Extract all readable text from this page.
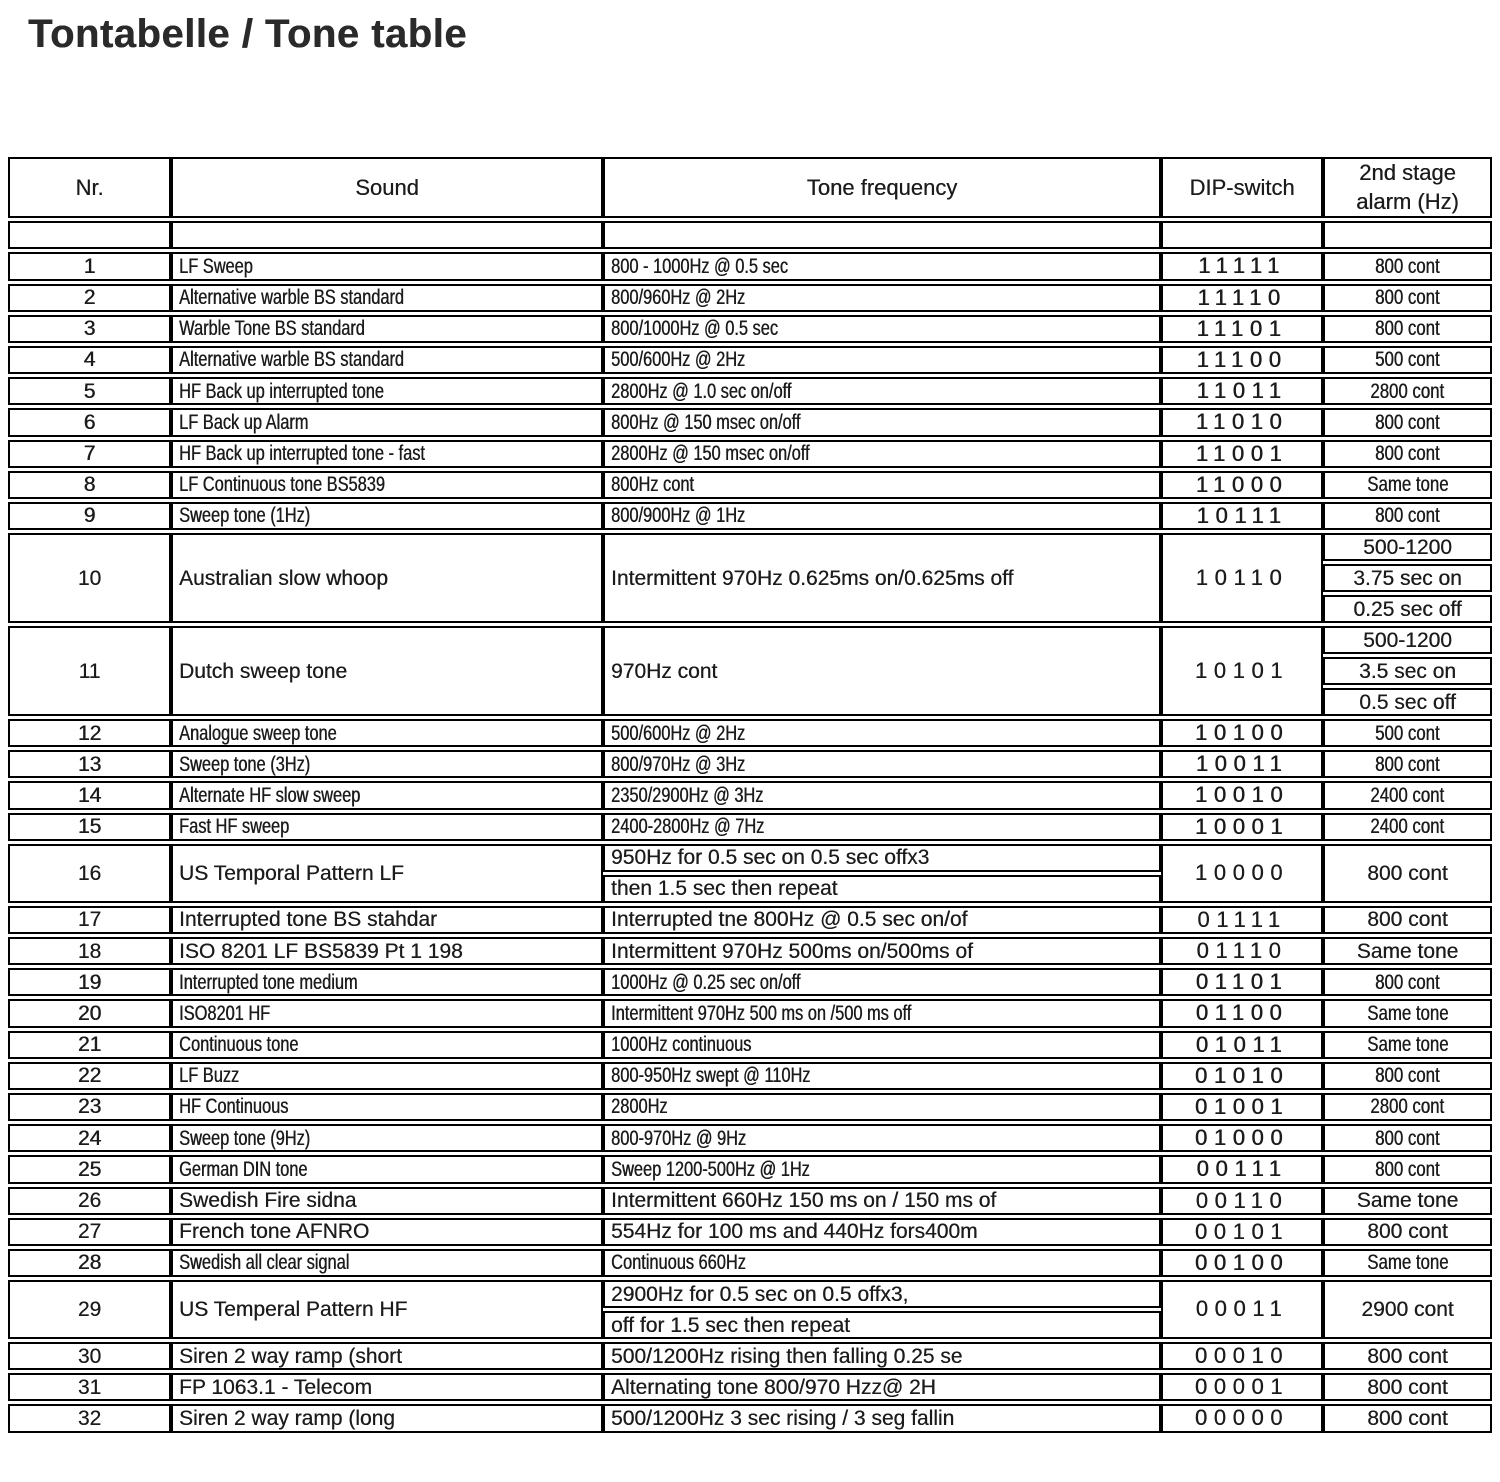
Tontabelle / Tone table
Nr.	Sound	Tone frequency	DIP-switch	2nd stage
alarm (Hz)

1	LF Sweep	800 - 1000Hz @ 0.5 sec	11111	800 cont
2	Alternative warble BS standard	800/960Hz @ 2Hz	11110	800 cont
3	Warble Tone BS standard	800/1000Hz @ 0.5 sec	11101	800 cont
4	Alternative warble BS standard	500/600Hz @ 2Hz	11100	500 cont
5	HF Back up interrupted tone	2800Hz @ 1.0 sec on/off	11011	2800 cont
6	LF Back up Alarm	800Hz @ 150 msec on/off	11010	800 cont
7	HF Back up interrupted tone - fast	2800Hz @ 150 msec on/off	11001	800 cont
8	LF Continuous tone BS5839	800Hz cont	11000	Same tone
9	Sweep tone (1Hz)	800/900Hz @ 1Hz	10111	800 cont
10	Australian slow whoop	Intermittent 970Hz 0.625ms on/0.625ms off	10110	500-1200
				3.75 sec on
				0.25 sec off
11	Dutch sweep tone	970Hz cont	10101	500-1200
				3.5 sec on
				0.5 sec off
12	Analogue sweep tone	500/600Hz @ 2Hz	10100	500 cont
13	Sweep tone (3Hz)	800/970Hz @ 3Hz	10011	800 cont
14	Alternate HF slow sweep	2350/2900Hz @ 3Hz	10010	2400 cont
15	Fast HF sweep	2400-2800Hz @ 7Hz	10001	2400 cont
16	US Temporal Pattern LF	950Hz for 0.5 sec on 0.5 sec offx3	10000	800 cont
		then 1.5 sec then repeat		
17	Interrupted tone BS stahdar	Interrupted tne 800Hz @ 0.5 sec on/of	01111	800 cont
18	ISO 8201 LF BS5839 Pt 1 198	Intermittent 970Hz 500ms on/500ms of	01110	Same tone
19	Interrupted tone medium	1000Hz @ 0.25 sec on/off	01101	800 cont
20	ISO8201 HF	Intermittent 970Hz 500 ms on /500 ms off	01100	Same tone
21	Continuous tone	1000Hz continuous	01011	Same tone
22	LF Buzz	800-950Hz swept @ 110Hz	01010	800 cont
23	HF Continuous	2800Hz	01001	2800 cont
24	Sweep tone (9Hz)	800-970Hz @ 9Hz	01000	800 cont
25	German DIN tone	Sweep 1200-500Hz @ 1Hz	00111	800 cont
26	Swedish Fire sidna	Intermittent 660Hz 150 ms on / 150 ms of	00110	Same tone
27	French tone AFNRO	554Hz for 100 ms and 440Hz fors400m	00101	800 cont
28	Swedish all clear signal	Continuous 660Hz	00100	Same tone
29	US Temperal Pattern HF	2900Hz for 0.5 sec on 0.5 offx3,	00011	2900 cont
		off for 1.5 sec then repeat		
30	Siren 2 way ramp (short	500/1200Hz rising then falling 0.25 se	00010	800 cont
31	FP 1063.1 - Telecom	Alternating tone 800/970 Hzz@ 2H	00001	800 cont
32	Siren 2 way ramp (long	500/1200Hz 3 sec rising / 3 seg fallin	00000	800 cont
